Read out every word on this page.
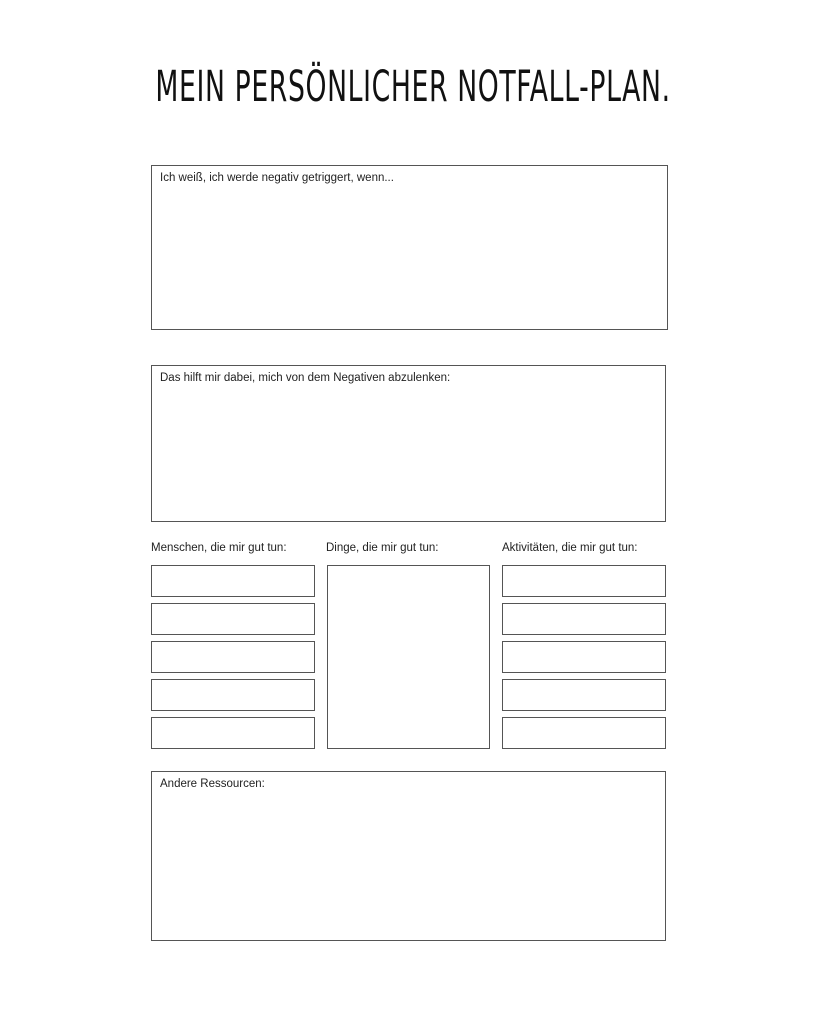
MEIN PERSÖNLICHER NOTFALL-PLAN.
Ich weiß, ich werde negativ getriggert, wenn...
Das hilft mir dabei, mich von dem Negativen abzulenken:
Menschen, die mir gut tun:	Dinge, die mir gut tun:	Aktivitäten, die mir gut tun:
Andere Ressourcen:
